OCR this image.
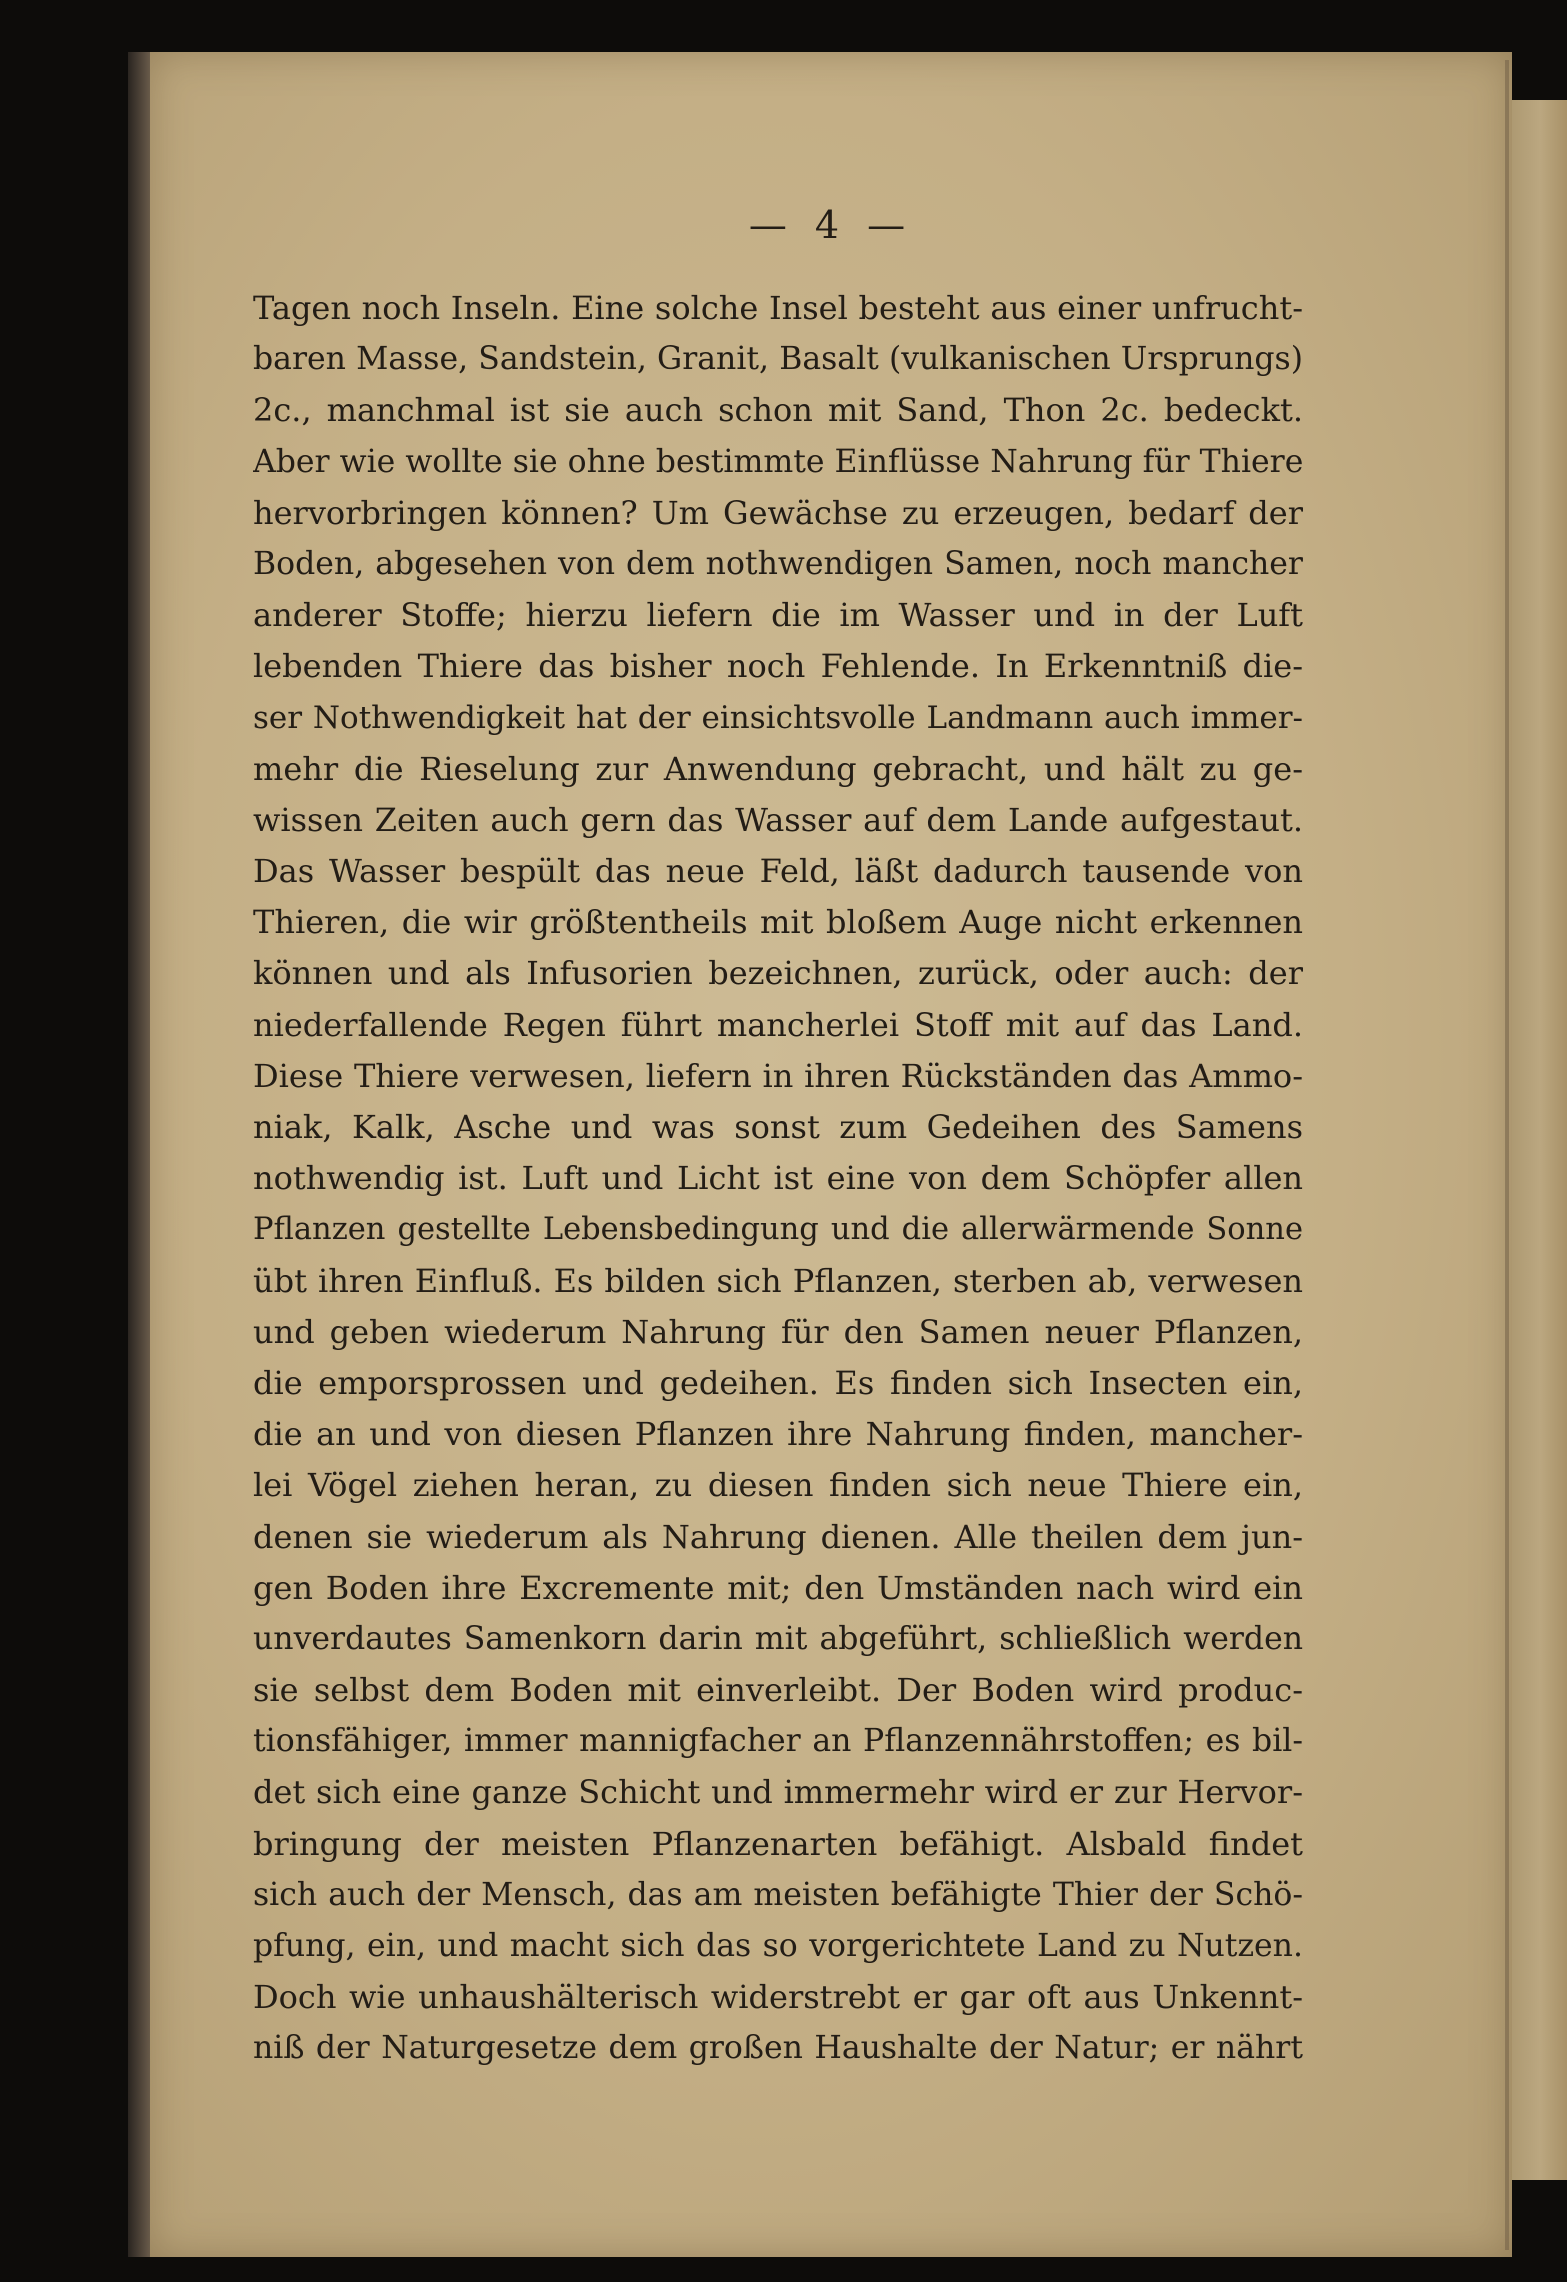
— 4 —
Tagen noch Inseln. Eine solche Insel besteht aus einer unfrucht-
baren Masse, Sandstein, Granit, Basalt (vulkanischen Ursprungs)
2c., manchmal ist sie auch schon mit Sand, Thon 2c. bedeckt.
Aber wie wollte sie ohne bestimmte Einflüsse Nahrung für Thiere
hervorbringen können? Um Gewächse zu erzeugen, bedarf der
Boden, abgesehen von dem nothwendigen Samen, noch mancher
anderer Stoffe; hierzu liefern die im Wasser und in der Luft
lebenden Thiere das bisher noch Fehlende. In Erkenntniß die-
ser Nothwendigkeit hat der einsichtsvolle Landmann auch immer-
mehr die Rieselung zur Anwendung gebracht, und hält zu ge-
wissen Zeiten auch gern das Wasser auf dem Lande aufgestaut.
Das Wasser bespült das neue Feld, läßt dadurch tausende von
Thieren, die wir größtentheils mit bloßem Auge nicht erkennen
können und als Infusorien bezeichnen, zurück, oder auch: der
niederfallende Regen führt mancherlei Stoff mit auf das Land.
Diese Thiere verwesen, liefern in ihren Rückständen das Ammo-
niak, Kalk, Asche und was sonst zum Gedeihen des Samens
nothwendig ist. Luft und Licht ist eine von dem Schöpfer allen
Pflanzen gestellte Lebensbedingung und die allerwärmende Sonne
übt ihren Einfluß. Es bilden sich Pflanzen, sterben ab, verwesen
und geben wiederum Nahrung für den Samen neuer Pflanzen,
die emporsprossen und gedeihen. Es finden sich Insecten ein,
die an und von diesen Pflanzen ihre Nahrung finden, mancher-
lei Vögel ziehen heran, zu diesen finden sich neue Thiere ein,
denen sie wiederum als Nahrung dienen. Alle theilen dem jun-
gen Boden ihre Excremente mit; den Umständen nach wird ein
unverdautes Samenkorn darin mit abgeführt, schließlich werden
sie selbst dem Boden mit einverleibt. Der Boden wird produc-
tionsfähiger, immer mannigfacher an Pflanzennährstoffen; es bil-
det sich eine ganze Schicht und immermehr wird er zur Hervor-
bringung der meisten Pflanzenarten befähigt. Alsbald findet
sich auch der Mensch, das am meisten befähigte Thier der Schö-
pfung, ein, und macht sich das so vorgerichtete Land zu Nutzen.
Doch wie unhaushälterisch widerstrebt er gar oft aus Unkennt-
niß der Naturgesetze dem großen Haushalte der Natur; er nährt
